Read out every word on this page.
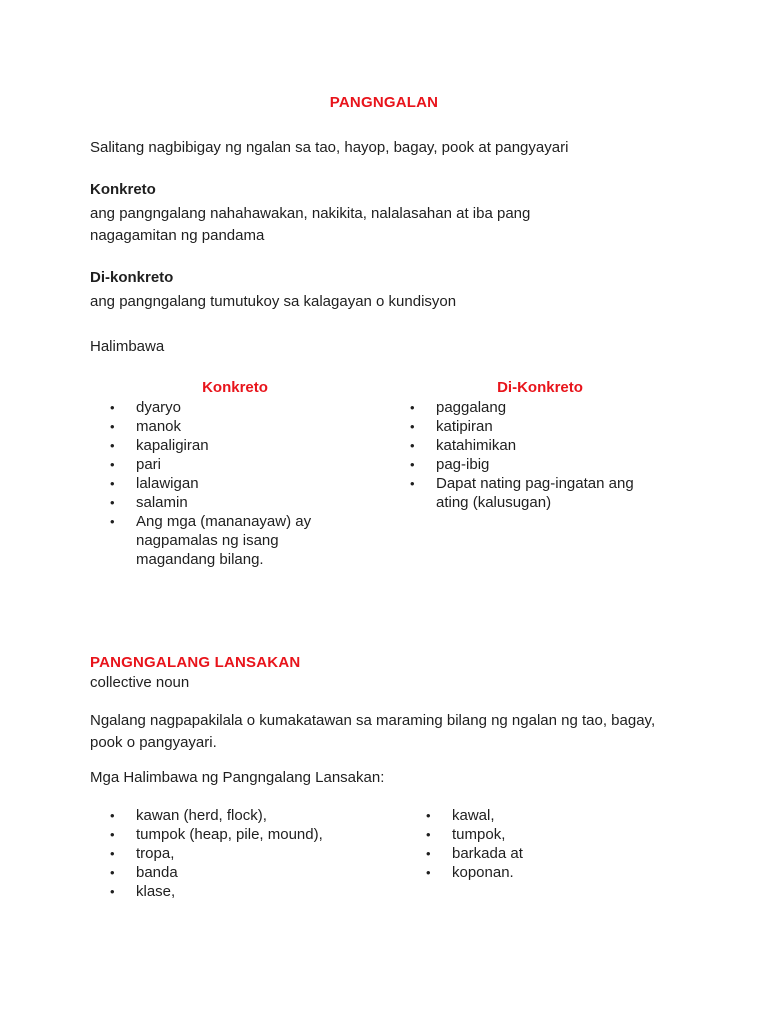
PANGNGALAN
Salitang nagbibigay ng ngalan sa tao, hayop, bagay, pook at pangyayari
Konkreto
ang pangngalang nahahawakan, nakikita, nalalasahan at iba pang nagagamitan ng pandama
Di-konkreto
ang pangngalang tumutukoy sa kalagayan o kundisyon
Halimbawa
Konkreto
•	dyaryo
•	manok
•	kapaligiran
•	pari
•	lalawigan
•	salamin
•	Ang mga (mananayaw) ay nagpamalas ng isang magandang bilang.
Di-Konkreto
•	paggalang
•	katipiran
•	katahimikan
•	pag-ibig
•	Dapat nating pag-ingatan ang ating (kalusugan)
PANGNGALANG LANSAKAN
collective noun
Ngalang nagpapakilala o kumakatawan sa maraming bilang ng ngalan ng tao, bagay, pook o pangyayari.
Mga Halimbawa ng Pangngalang Lansakan:
•	kawan (herd, flock),
•	tumpok (heap, pile, mound),
•	tropa,
•	banda
•	klase,
•	kawal,
•	tumpok,
•	barkada at
•	koponan.
